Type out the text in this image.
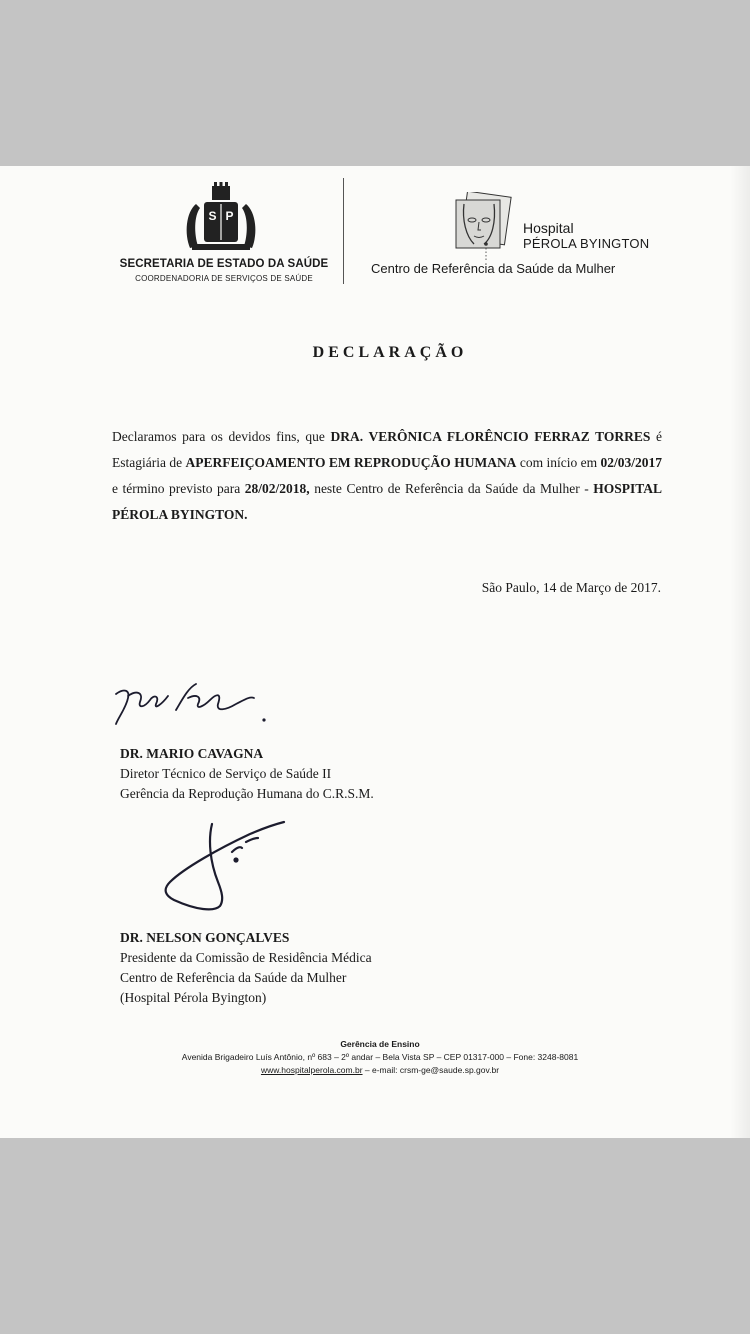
S P
SECRETARIA DE ESTADO DA SAÚDE
COORDENADORIA DE SERVIÇOS DE SAÚDE
Hospital
PÉROLA BYINGTON
Centro de Referência da Saúde da Mulher
DECLARAÇÃO

Declaramos para os devidos fins, que DRA. VERÔNICA FLORÊNCIO FERRAZ TORRES é Estagiária de APERFEIÇOAMENTO EM REPRODUÇÃO HUMANA com início em 02/03/2017 e término previsto para 28/02/2018, neste Centro de Referência da Saúde da Mulher - HOSPITAL PÉROLA BYINGTON.

São Paulo, 14 de Março de 2017.
DR. MARIO CAVAGNA
Diretor Técnico de Serviço de Saúde II
Gerência da Reprodução Humana do C.R.S.M.
DR. NELSON GONÇALVES
Presidente da Comissão de Residência Médica
Centro de Referência da Saúde da Mulher
(Hospital Pérola Byington)
Gerência de Ensino
Avenida Brigadeiro Luís Antônio, nº 683 – 2º andar – Bela Vista SP – CEP 01317-000 – Fone: 3248-8081
www.hospitalperola.com.br – e-mail: crsm-ge@saude.sp.gov.br
